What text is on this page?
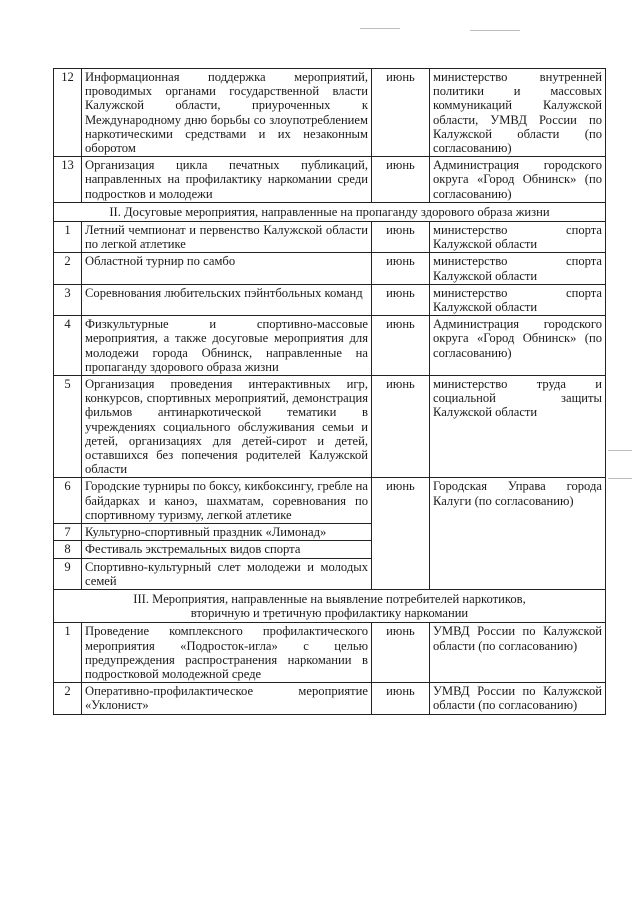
12	Информационная поддержка мероприятий, проводимых органами государственной власти Калужской области, приуроченных к Международному дню борьбы со злоупотреблением наркотическими средствами и их незаконным оборотом	июнь	министерство внутренней политики и массовых коммуникаций Калужской области, УМВД России по Калужской области (по согласованию)
13	Организация цикла печатных публикаций, направленных на профилактику наркомании среди подростков и молодежи	июнь	Администрация городского округа «Город Обнинск» (по согласованию)
II. Досуговые мероприятия, направленные на пропаганду здорового образа жизни			
1	Летний чемпионат и первенство Калужской области по легкой атлетике	июнь	министерство спорта Калужской области
2	Областной турнир по самбо	июнь	министерство спорта Калужской области
3	Соревнования любительских пэйнтбольных команд	июнь	министерство спорта Калужской области
4	Физкультурные и спортивно-массовые мероприятия, а также досуговые мероприятия для молодежи города Обнинск, направленные на пропаганду здорового образа жизни	июнь	Администрация городского округа «Город Обнинск» (по согласованию)
5	Организация проведения интерактивных игр, конкурсов, спортивных мероприятий, демонстрация фильмов антинаркотической тематики в учреждениях социального обслуживания семьи и детей, организациях для детей-сирот и детей, оставшихся без попечения родителей Калужской области	июнь	министерство труда и социальной защиты Калужской области
6	Городские турниры по боксу, кикбоксингу, гребле на байдарках и каноэ, шахматам, соревнования по спортивному туризму, легкой атлетике	июнь	Городская Управа города Калуги (по согласованию)
7	Культурно-спортивный праздник «Лимонад»		
8	Фестиваль экстремальных видов спорта		
9	Спортивно-культурный слет молодежи и молодых семей		

III. Мероприятия, направленные на выявление потребителей наркотиков,
вторичную и третичную профилактику наркомании			

1	Проведение комплексного профилактического мероприятия «Подросток-игла» с целью предупреждения распространения наркомании в подростковой молодежной среде	июнь	УМВД России по Калужской области (по согласованию)
2	Оперативно-профилактическое мероприятие «Уклонист»	июнь	УМВД России по Калужской области (по согласованию)
